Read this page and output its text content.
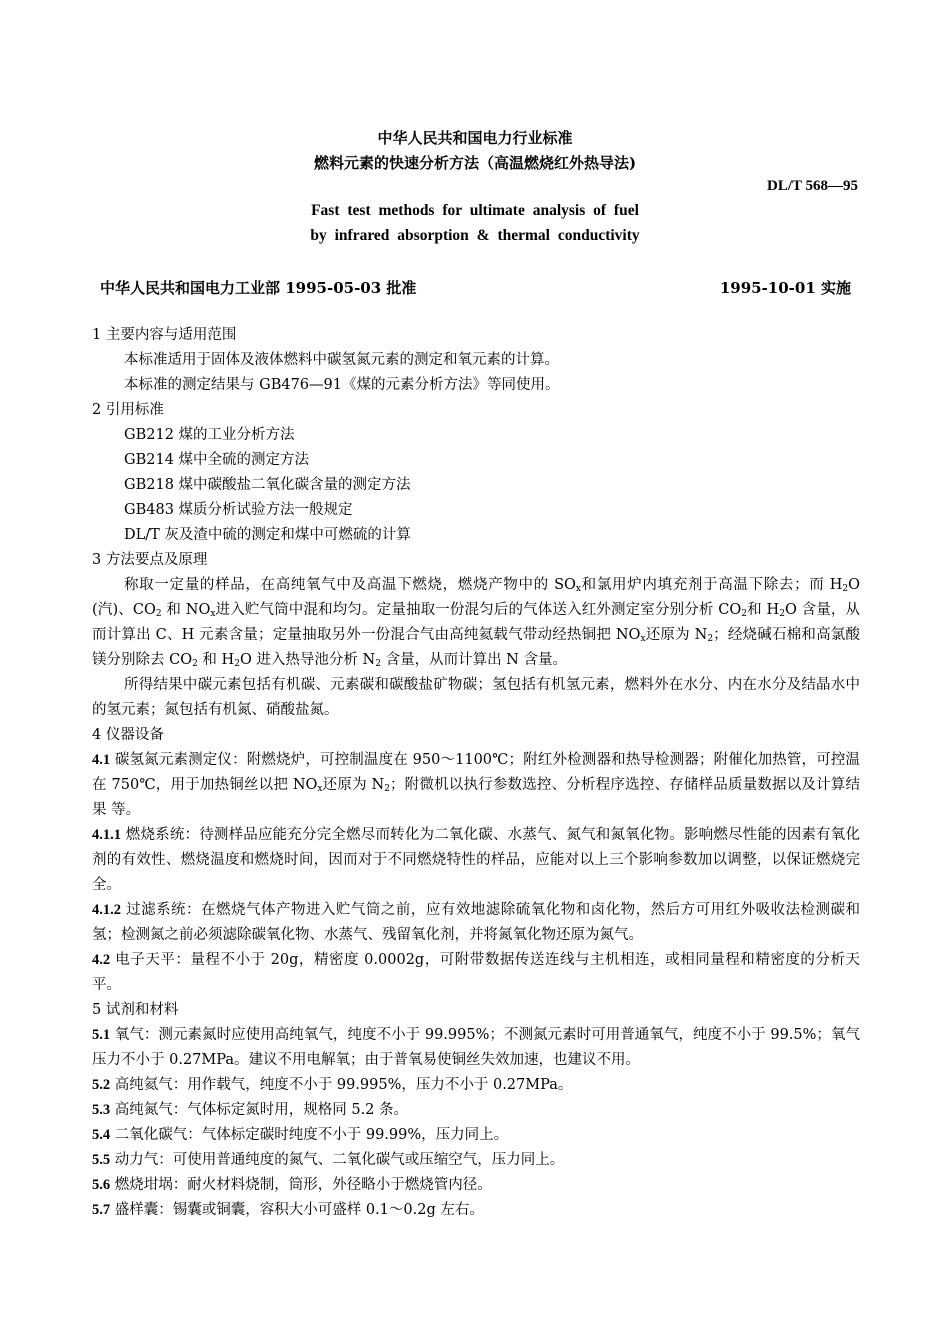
中华人民共和国电力行业标准
燃料元素的快速分析方法（高温燃烧红外热导法)
DL/T 568—95
Fast test methods for ultimate analysis of fuel
by infrared absorption & thermal conductivity
中华人民共和国电力工业部 1995-05-03 批准	1995-10-01 实施

1 主要内容与适用范围

本标准适用于固体及液体燃料中碳氢氮元素的测定和氧元素的计算。

本标准的测定结果与 GB476—91《煤的元素分析方法》等同使用。

2 引用标准

GB212 煤的工业分析方法

GB214 煤中全硫的测定方法

GB218 煤中碳酸盐二氧化碳含量的测定方法

GB483 煤质分析试验方法一般规定

DL/T 灰及渣中硫的测定和煤中可燃硫的计算

3 方法要点及原理

称取一定量的样品，在高纯氧气中及高温下燃烧，燃烧产物中的 $SO_x$和氯用炉内填充剂于高温下除去；而 $H_2O$ (汽)、$CO_2$ 和 $NO_x$进入贮气筒中混和均匀。定量抽取一份混匀后的气体送入红外测定室分别分析 $CO_2$和 $H_2O$ 含量，从而计算出 C、H 元素含量；定量抽取另外一份混合气由高纯氦载气带动经热铜把 $NO_x$还原为 $N_2$；经烧碱石棉和高氯酸镁分别除去 $CO_2$ 和 $H_2O$ 进入热导池分析 $N_2$ 含量，从而计算出 N 含量。

所得结果中碳元素包括有机碳、元素碳和碳酸盐矿物碳；氢包括有机氢元素，燃料外在水分、内在水分及结晶水中的氢元素；氮包括有机氮、硝酸盐氮。

4 仪器设备

4.1 碳氢氮元素测定仪：附燃烧炉，可控制温度在 950～1100℃；附红外检测器和热导检测器；附催化加热管，可控温在 750℃，用于加热铜丝以把 $NO_x$还原为 $N_2$；附微机以执行参数选控、分析程序选控、存储样品质量数据以及计算结果 等。

4.1.1 燃烧系统：待测样品应能充分完全燃尽而转化为二氧化碳、水蒸气、氮气和氮氧化物。影响燃尽性能的因素有氧化剂的有效性、燃烧温度和燃烧时间，因而对于不同燃烧特性的样品，应能对以上三个影响参数加以调整，以保证燃烧完全。

4.1.2 过滤系统：在燃烧气体产物进入贮气筒之前，应有效地滤除硫氧化物和卤化物，然后方可用红外吸收法检测碳和氢；检测氮之前必须滤除碳氧化物、水蒸气、残留氧化剂，并将氮氧化物还原为氮气。

4.2 电子天平：量程不小于 20g，精密度 0.0002g，可附带数据传送连线与主机相连，或相同量程和精密度的分析天平。

5 试剂和材料

5.1 氧气：测元素氮时应使用高纯氧气，纯度不小于 99.995%；不测氮元素时可用普通氧气，纯度不小于 99.5%；氧气压力不小于 0.27MPa。建议不用电解氧；由于普氧易使铜丝失效加速，也建议不用。

5.2 高纯氦气：用作载气，纯度不小于 99.995%，压力不小于 0.27MPa。

5.3 高纯氮气：气体标定氮时用，规格同 5.2 条。

5.4 二氧化碳气：气体标定碳时纯度不小于 99.99%，压力同上。

5.5 动力气：可使用普通纯度的氮气、二氧化碳气或压缩空气，压力同上。

5.6 燃烧坩埚：耐火材料烧制，筒形，外径略小于燃烧管内径。

5.7 盛样囊：锡囊或铜囊，容积大小可盛样 0.1～0.2g 左右。
